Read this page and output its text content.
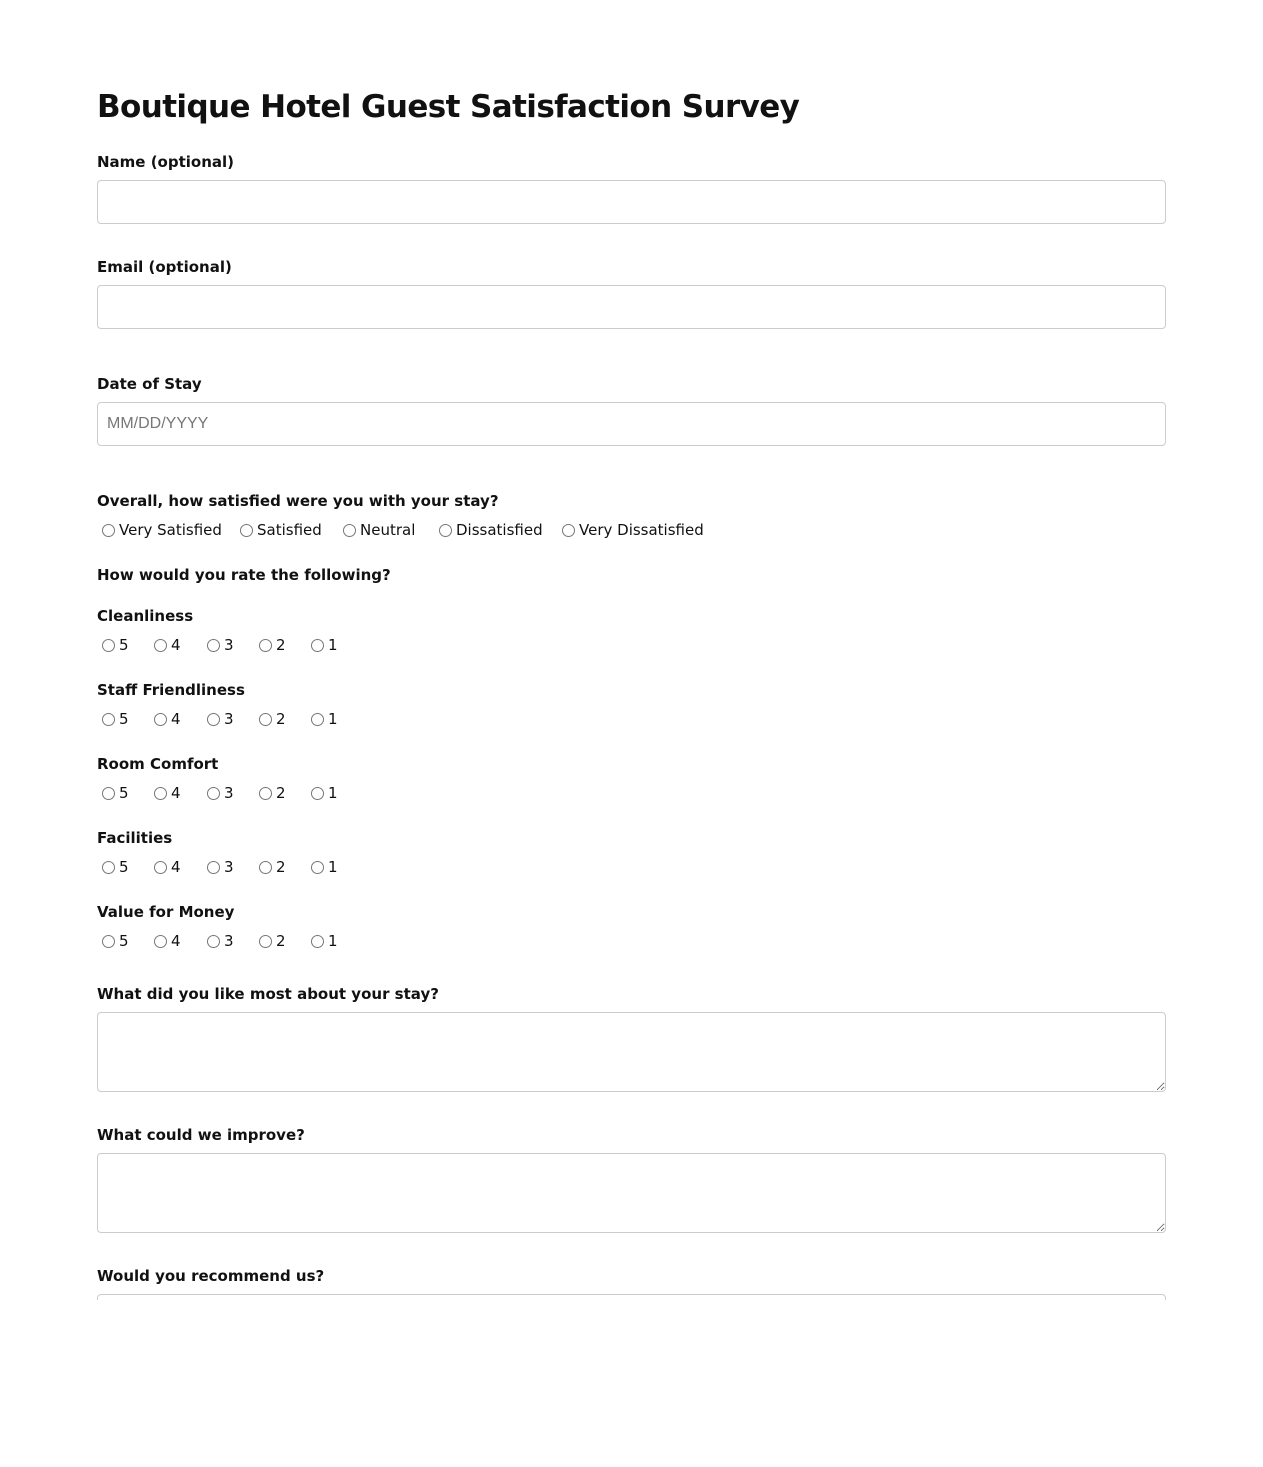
Boutique Hotel Guest Satisfaction Survey
Name (optional)
Email (optional)
Date of Stay
MM/DD/YYYY
Overall, how satisfied were you with your stay?
Very Satisfied Satisfied	Neutral	Dissatisfied Very Dissatisfied
How would you rate the following?
Cleanliness
5	4	3	2	1
Staff Friendliness
5	4	3	2	1
Room Comfort
5	4	3	2	1
Facilities
5	4	3	2	1
Value for Money
5	4	3	2	1
What did you like most about your stay?
What could we improve?
Would you recommend us?
